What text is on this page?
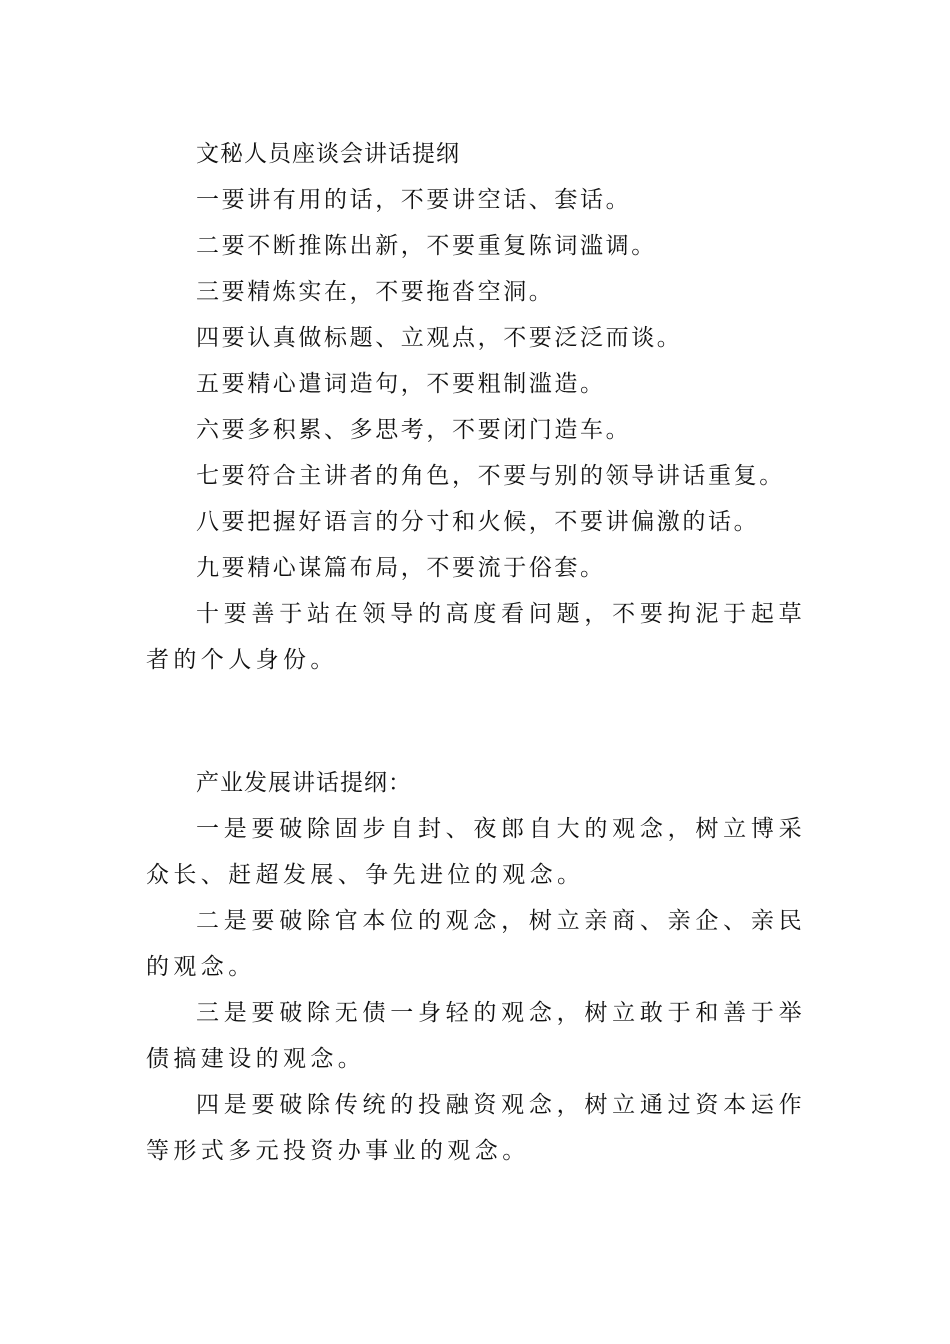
文秘人员座谈会讲话提纲

一要讲有用的话，不要讲空话、套话。

二要不断推陈出新，不要重复陈词滥调。

三要精炼实在，不要拖沓空洞。

四要认真做标题、立观点，不要泛泛而谈。

五要精心遣词造句，不要粗制滥造。

六要多积累、多思考，不要闭门造车。

七要符合主讲者的角色，不要与别的领导讲话重复。

八要把握好语言的分寸和火候，不要讲偏激的话。

九要精心谋篇布局，不要流于俗套。

十要善于站在领导的高度看问题，不要拘泥于起草者的个人身份。

产业发展讲话提纲：

一是要破除固步自封、夜郎自大的观念，树立博采众长、赶超发展、争先进位的观念。

二是要破除官本位的观念，树立亲商、亲企、亲民的观念。

三是要破除无债一身轻的观念，树立敢于和善于举债搞建设的观念。

四是要破除传统的投融资观念，树立通过资本运作等形式多元投资办事业的观念。
